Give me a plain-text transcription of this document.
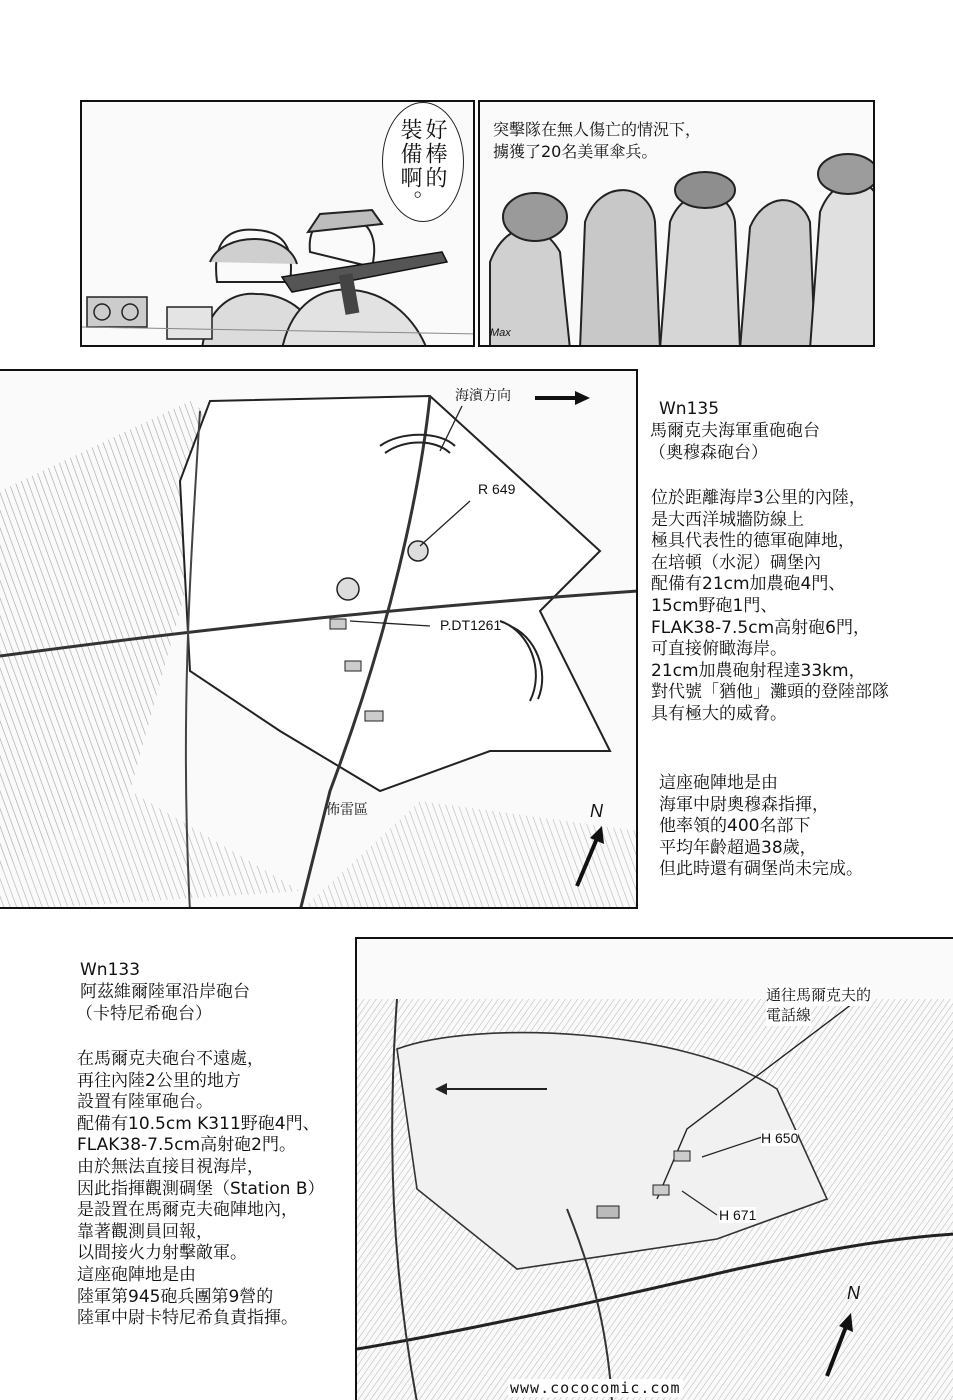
好棒的
裝備啊。	突擊隊在無人傷亡的情況下，
擄獲了20名美軍傘兵。
Max
海濱方向
R 649
P.DT1261
佈雷區	N
Wn135
馬爾克夫海軍重砲砲台
（奧穆森砲台）
位於距離海岸3公里的內陸，
是大西洋城牆防線上
極具代表性的德軍砲陣地，
在培頓（水泥）碉堡內
配備有21cm加農砲4門、
15cm野砲1門、
FLAK38-7.5cm高射砲6門，
可直接俯瞰海岸。
21cm加農砲射程達33km，
對代號「猶他」灘頭的登陸部隊
具有極大的威脅。
這座砲陣地是由
海軍中尉奧穆森指揮，
他率領的400名部下
平均年齡超過38歲，
但此時還有碉堡尚未完成。
Wn133
阿茲維爾陸軍沿岸砲台
（卡特尼希砲台）
在馬爾克夫砲台不遠處，
再往內陸2公里的地方
設置有陸軍砲台。
配備有10.5cm K311野砲4門、
FLAK38-7.5cm高射砲2門。
由於無法直接目視海岸，
因此指揮觀測碉堡（Station B）
是設置在馬爾克夫砲陣地內，
靠著觀測員回報，
以間接火力射擊敵軍。
這座砲陣地是由
陸軍第945砲兵團第9營的
陸軍中尉卡特尼希負責指揮。
通往馬爾克夫的
電話線
H 650
H 671
N
www.cococomic.com
